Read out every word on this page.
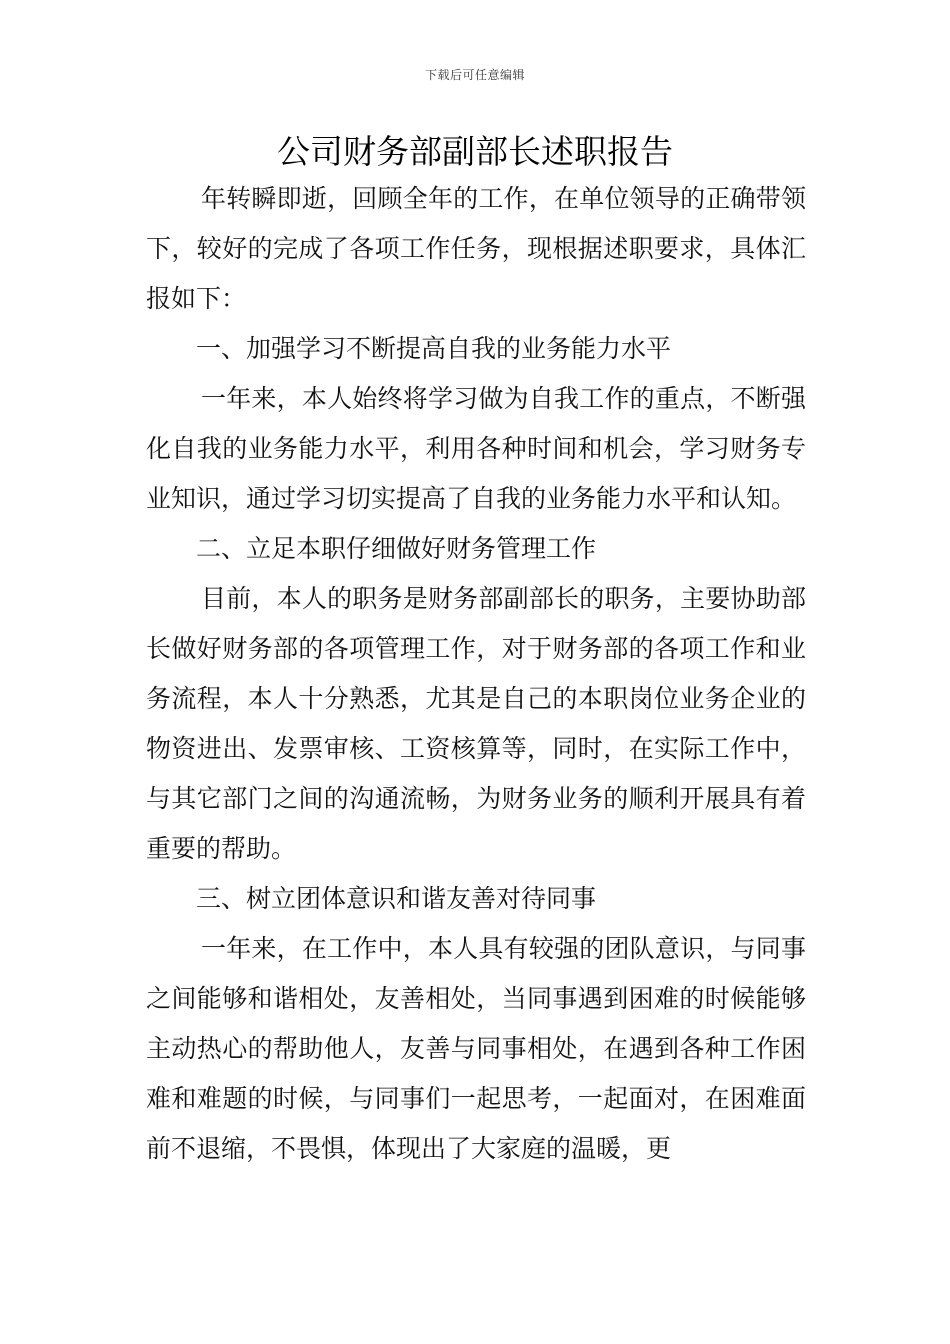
下载后可任意编辑
公司财务部副部长述职报告

年转瞬即逝，回顾全年的工作，在单位领导的正确带领下，较好的完成了各项工作任务，现根据述职要求，具体汇报如下：

一、加强学习不断提高自我的业务能力水平

一年来，本人始终将学习做为自我工作的重点，不断强化自我的业务能力水平，利用各种时间和机会，学习财务专业知识，通过学习切实提高了自我的业务能力水平和认知。

二、立足本职仔细做好财务管理工作

目前，本人的职务是财务部副部长的职务，主要协助部长做好财务部的各项管理工作，对于财务部的各项工作和业务流程，本人十分熟悉，尤其是自己的本职岗位业务企业的物资进出、发票审核、工资核算等，同时，在实际工作中，与其它部门之间的沟通流畅，为财务业务的顺利开展具有着重要的帮助。

三、树立团体意识和谐友善对待同事

一年来，在工作中，本人具有较强的团队意识，与同事之间能够和谐相处，友善相处，当同事遇到困难的时候能够主动热心的帮助他人，友善与同事相处，在遇到各种工作困难和难题的时候，与同事们一起思考，一起面对，在困难面前不退缩，不畏惧，体现出了大家庭的温暖，更
